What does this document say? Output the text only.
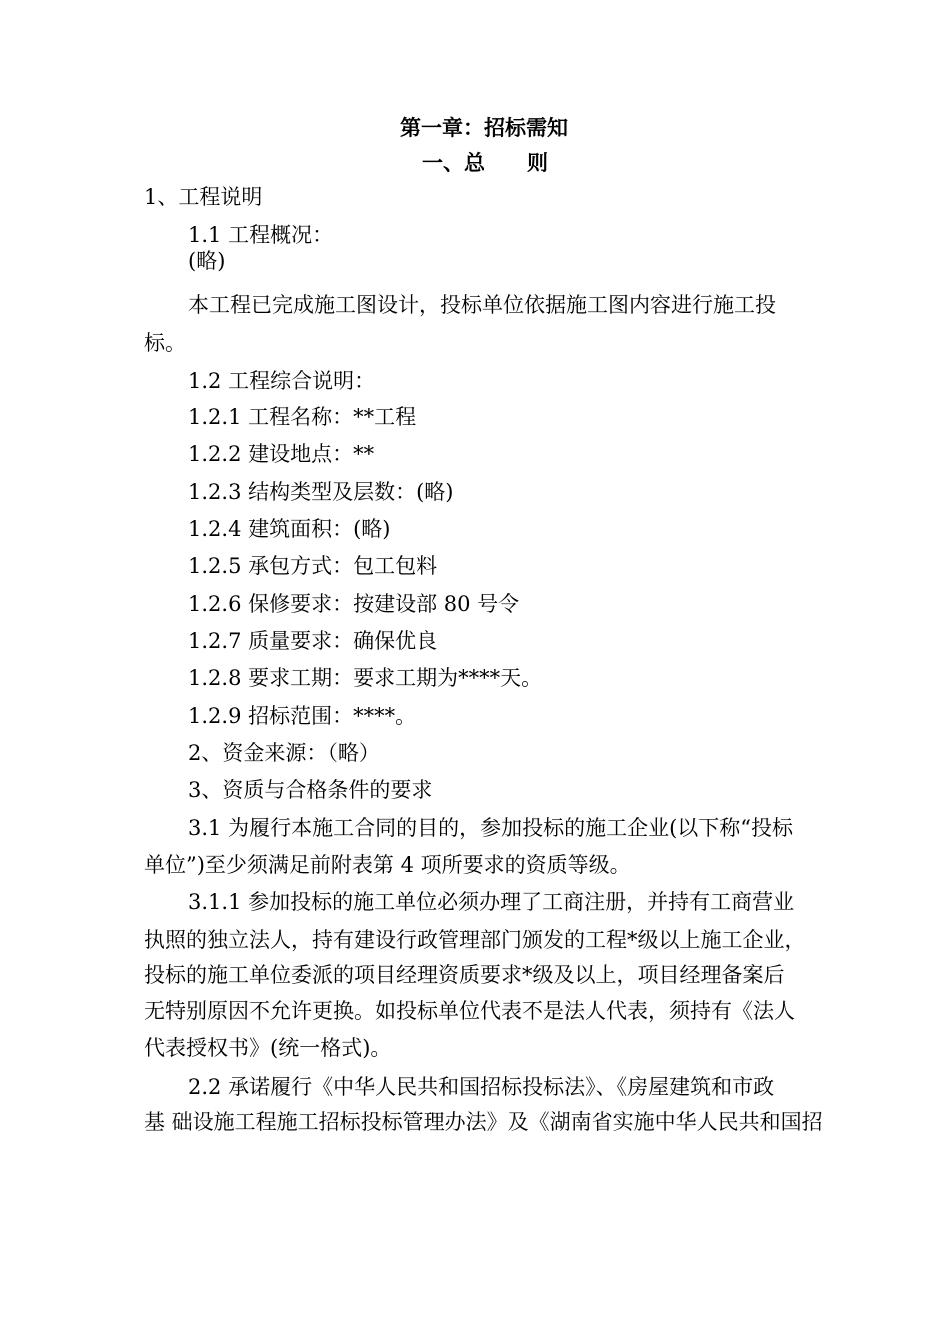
第一章：招标需知
一、总　　则
1、工程说明
1.1 工程概况：
(略)
本工程已完成施工图设计，投标单位依据施工图内容进行施工投
标。
1.2 工程综合说明：
1.2.1 工程名称：**工程
1.2.2 建设地点：**
1.2.3 结构类型及层数：(略)
1.2.4 建筑面积：(略)
1.2.5 承包方式：包工包料
1.2.6 保修要求：按建设部 80 号令
1.2.7 质量要求：确保优良
1.2.8 要求工期：要求工期为****天。
1.2.9 招标范围：****。
2、资金来源：（略）
3、资质与合格条件的要求
3.1 为履行本施工合同的目的，参加投标的施工企业(以下称“投标
单位”)至少须满足前附表第 4 项所要求的资质等级。
3.1.1 参加投标的施工单位必须办理了工商注册，并持有工商营业
执照的独立法人，持有建设行政管理部门颁发的工程*级以上施工企业，
投标的施工单位委派的项目经理资质要求*级及以上，项目经理备案后
无特别原因不允许更换。如投标单位代表不是法人代表，须持有《法人
代表授权书》(统一格式)。
2.2 承诺履行《中华人民共和国招标投标法》、《房屋建筑和市政
基 础设施工程施工招标投标管理办法》及《湖南省实施中华人民共和国招
